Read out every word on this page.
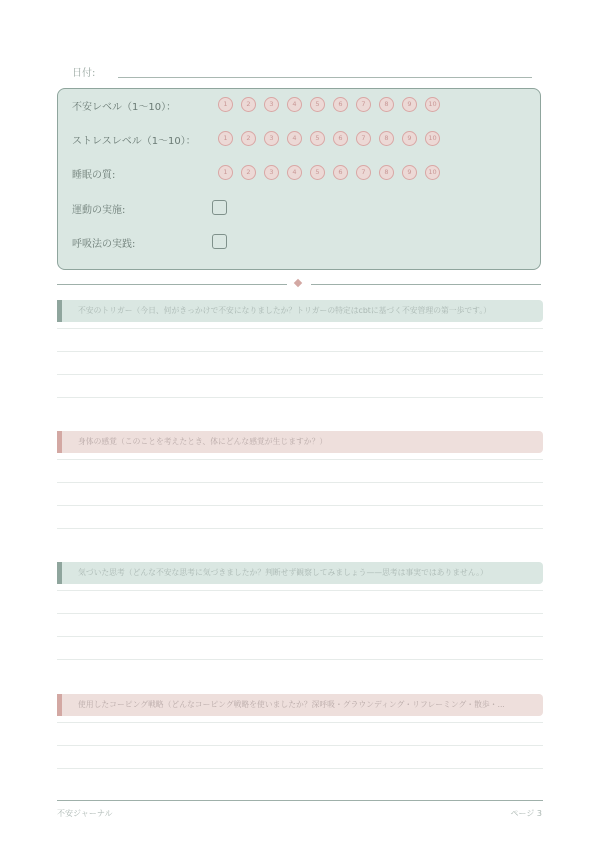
日付:
不安レベル（1〜10）：	1	2	3	4	5	6	7	8	9	10
ストレスレベル（1〜10）：	1	2	3	4	5	6	7	8	9	10
睡眠の質:	1	2	3	4	5	6	7	8	9	10
運動の実施:
呼吸法の実践:
不安のトリガー（今日、何がきっかけで不安になりましたか？トリガーの特定はcbtに基づく不安管理の第一歩です。）
身体の感覚（このことを考えたとき、体にどんな感覚が生じますか？）
気づいた思考（どんな不安な思考に気づきましたか？判断せず観察してみましょう——思考は事実ではありません。）
使用したコーピング戦略（どんなコーピング戦略を使いましたか？深呼吸・グラウンディング・リフレーミング・散歩・...
不安ジャーナル	ページ 3
